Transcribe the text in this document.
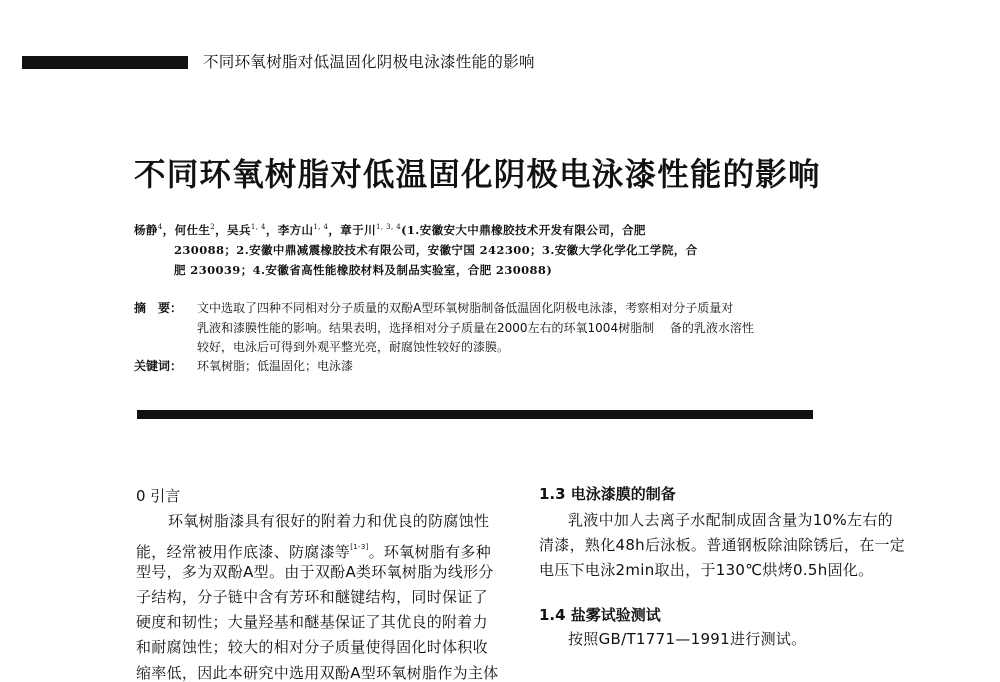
不同环氧树脂对低温固化阴极电泳漆性能的影响
不同环氧树脂对低温固化阴极电泳漆性能的影响
杨静$^4$，何仕生$^2$，吴兵$^{1, 4}$，李方山$^{1, 4}$，章于川$^{1, 3, 4}$(1.安徽安大中鼎橡胶技术开发有限公司，合肥
230088；2.安徽中鼎减震橡胶技术有限公司，安徽宁国 242300；3.安徽大学化学化工学院，合
肥 230039；4.安徽省高性能橡胶材料及制品实验室，合肥 230088)
摘　要： 文中选取了四种不同相对分子质量的双酚A型环氧树脂制备低温固化阴极电泳漆，考察相对分子质量对
乳液和漆膜性能的影响。结果表明，选择相对分子质量在2000左右的环氧1004树脂制　 备的乳液水溶性
较好，电泳后可得到外观平整光亮，耐腐蚀性较好的漆膜。
关键词： 环氧树脂；低温固化；电泳漆
0 引言
环氧树脂漆具有很好的附着力和优良的防腐蚀性
能，经常被用作底漆、防腐漆等[1-3]。环氧树脂有多种
型号，多为双酚A型。由于双酚A类环氧树脂为线形分
子结构，分子链中含有芳环和醚键结构，同时保证了
硬度和韧性；大量羟基和醚基保证了其优良的附着力
和耐腐蚀性；较大的相对分子质量使得固化时体积收
缩率低，因此本研究中选用双酚A型环氧树脂作为主体
1.3 电泳漆膜的制备
乳液中加人去离子水配制成固含量为10%左右的
清漆，熟化48h后泳板。普通钢板除油除锈后，在一定
电压下电泳2min取出，于130℃烘烤0.5h固化。
1.4 盐雾试验测试
按照GB/T1771—1991进行测试。
